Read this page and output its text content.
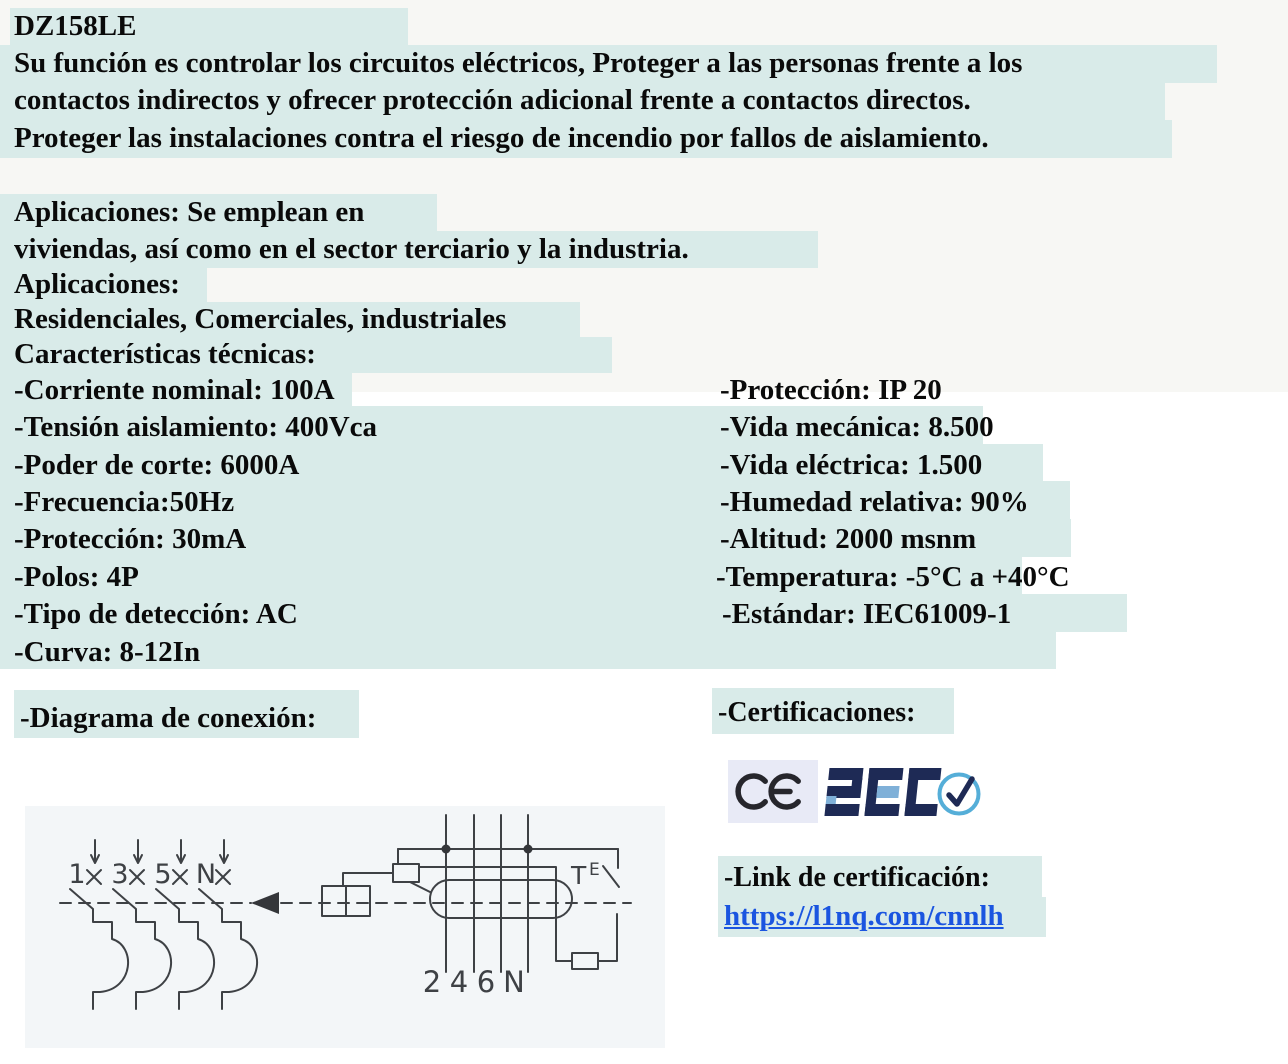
DZ158LE
Su función es controlar los circuitos eléctricos, Proteger a las personas frente a los
contactos indirectos y ofrecer protección adicional frente a contactos directos.
Proteger las instalaciones contra el riesgo de incendio por fallos de aislamiento.
Aplicaciones: Se emplean en
viviendas, así como en el sector terciario y la industria.
Aplicaciones:
Residenciales, Comerciales, industriales
Características técnicas:
-Corriente nominal: 100A
-Tensión aislamiento: 400Vca
-Poder de corte: 6000A
-Frecuencia:50Hz
-Protección: 30mA
-Polos: 4P
-Tipo de detección: AC
-Curva: 8-12In
-Protección: IP 20
-Vida mecánica: 8.500
-Vida eléctrica: 1.500
-Humedad relativa: 90%
-Altitud: 2000 msnm
-Temperatura: -5°C a +40°C
-Estándar: IEC61009-1
-Diagrama de conexión:	-Certificaciones:
-Link de certificación:
https://l1nq.com/cnnlh
1 3 5 N
2 4 6 N
T E
